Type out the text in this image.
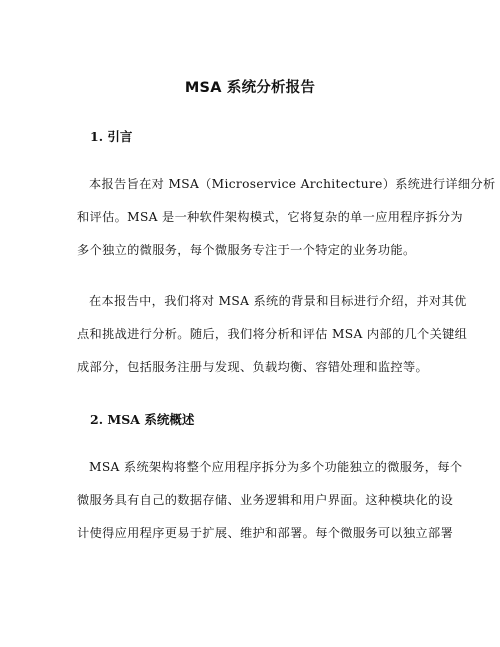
MSA 系统分析报告
1. 引言

本报告旨在对 MSA（Microservice Architecture）系统进行详细分析
和评估。MSA 是一种软件架构模式，它将复杂的单一应用程序拆分为
多个独立的微服务，每个微服务专注于一个特定的业务功能。

在本报告中，我们将对 MSA 系统的背景和目标进行介绍，并对其优
点和挑战进行分析。随后，我们将分析和评估 MSA 内部的几个关键组
成部分，包括服务注册与发现、负载均衡、容错处理和监控等。

2. MSA 系统概述

MSA 系统架构将整个应用程序拆分为多个功能独立的微服务，每个
微服务具有自己的数据存储、业务逻辑和用户界面。这种模块化的设
计使得应用程序更易于扩展、维护和部署。每个微服务可以独立部署
